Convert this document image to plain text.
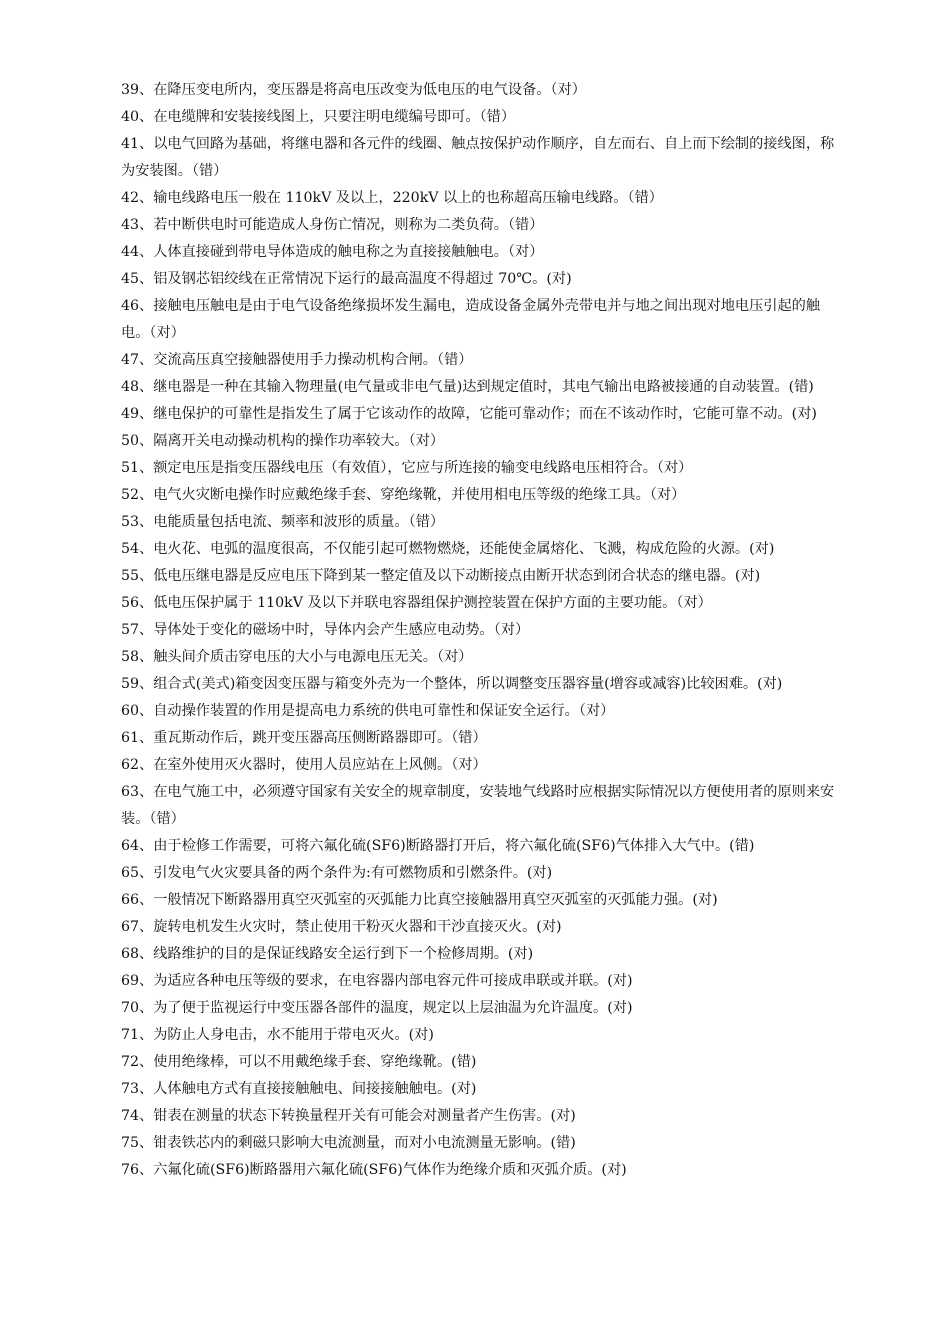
39、在降压变电所内，变压器是将高电压改变为低电压的电气设备。（对）
40、在电缆牌和安装接线图上，只要注明电缆编号即可。（错）
41、以电气回路为基础，将继电器和各元件的线圈、触点按保护动作顺序，自左而右、自上而下绘制的接线图，称为安装图。（错）
42、输电线路电压一般在 110kV 及以上，220kV 以上的也称超高压输电线路。（错）
43、若中断供电时可能造成人身伤亡情况，则称为二类负荷。（错）
44、人体直接碰到带电导体造成的触电称之为直接接触触电。（对）
45、铝及钢芯铝绞线在正常情况下运行的最高温度不得超过 70℃。(对)
46、接触电压触电是由于电气设备绝缘损坏发生漏电，造成设备金属外壳带电并与地之间出现对地电压引起的触电。（对）
47、交流高压真空接触器使用手力操动机构合闸。（错）
48、继电器是一种在其输入物理量(电气量或非电气量)达到规定值时，其电气输出电路被接通的自动装置。(错)
49、继电保护的可靠性是指发生了属于它该动作的故障，它能可靠动作；而在不该动作时，它能可靠不动。(对)
50、隔离开关电动操动机构的操作功率较大。（对）
51、额定电压是指变压器线电压（有效值），它应与所连接的输变电线路电压相符合。（对）
52、电气火灾断电操作时应戴绝缘手套、穿绝缘靴，并使用相电压等级的绝缘工具。（对）
53、电能质量包括电流、频率和波形的质量。（错）
54、电火花、电弧的温度很高，不仅能引起可燃物燃烧，还能使金属熔化、飞溅，构成危险的火源。(对)
55、低电压继电器是反应电压下降到某一整定值及以下动断接点由断开状态到闭合状态的继电器。(对)
56、低电压保护属于 110kV 及以下并联电容器组保护测控装置在保护方面的主要功能。（对）
57、导体处于变化的磁场中时，导体内会产生感应电动势。（对）
58、触头间介质击穿电压的大小与电源电压无关。（对）
59、组合式(美式)箱变因变压器与箱变外壳为一个整体，所以调整变压器容量(增容或减容)比较困难。(对)
60、自动操作装置的作用是提高电力系统的供电可靠性和保证安全运行。（对）
61、重瓦斯动作后，跳开变压器高压侧断路器即可。（错）
62、在室外使用灭火器时，使用人员应站在上风侧。（对）
63、在电气施工中，必须遵守国家有关安全的规章制度，安装地气线路时应根据实际情况以方便使用者的原则来安装。（错）
64、由于检修工作需要，可将六氟化硫(SF6)断路器打开后，将六氟化硫(SF6)气体排入大气中。(错)
65、引发电气火灾要具备的两个条件为:有可燃物质和引燃条件。(对)
66、一般情况下断路器用真空灭弧室的灭弧能力比真空接触器用真空灭弧室的灭弧能力强。(对)
67、旋转电机发生火灾时，禁止使用干粉灭火器和干沙直接灭火。(对)
68、线路维护的目的是保证线路安全运行到下一个检修周期。(对)
69、为适应各种电压等级的要求，在电容器内部电容元件可接成串联或并联。(对)
70、为了便于监视运行中变压器各部件的温度，规定以上层油温为允许温度。(对)
71、为防止人身电击，水不能用于带电灭火。(对)
72、使用绝缘棒，可以不用戴绝缘手套、穿绝缘靴。(错)
73、人体触电方式有直接接触触电、间接接触触电。(对)
74、钳表在测量的状态下转换量程开关有可能会对测量者产生伤害。(对)
75、钳表铁芯内的剩磁只影响大电流测量，而对小电流测量无影响。(错)
76、六氟化硫(SF6)断路器用六氟化硫(SF6)气体作为绝缘介质和灭弧介质。(对)
